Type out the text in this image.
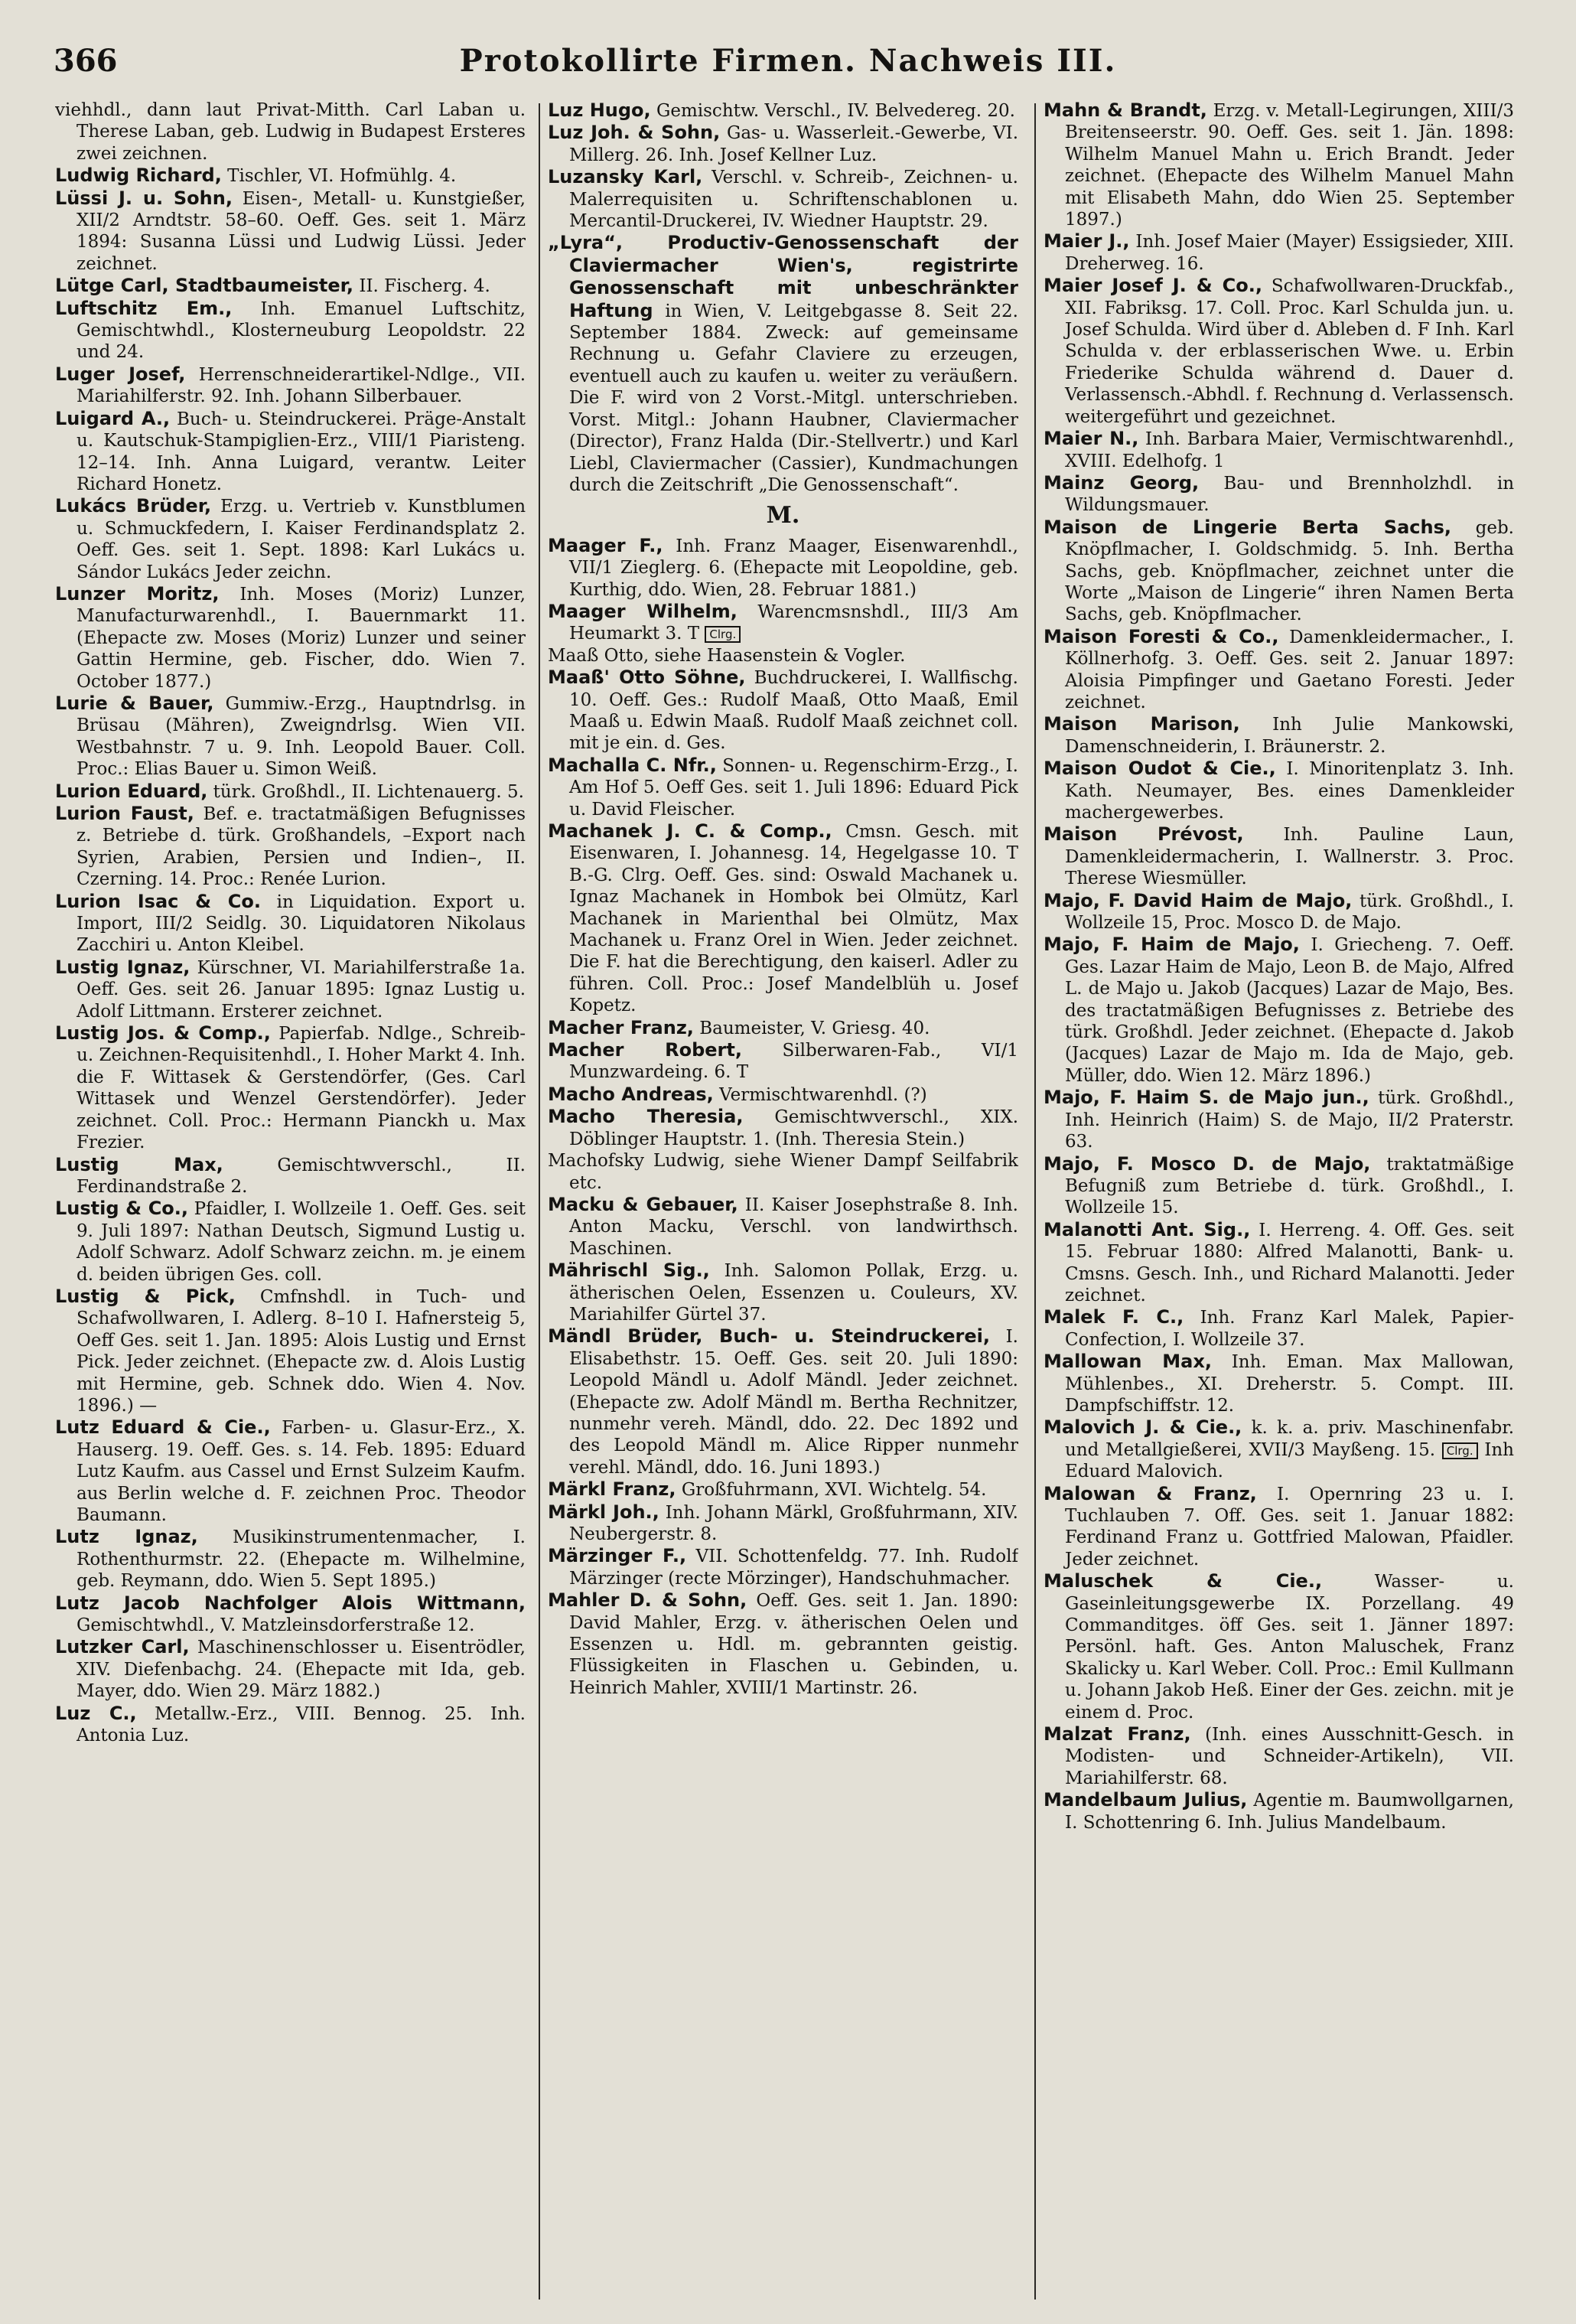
366	Protokollirte Firmen. Nachweis III.

viehhdl., dann laut Privat-Mitth. Carl Laban u. Therese Laban, geb. Ludwig in Budapest Ersteres zwei zeichnen.

Ludwig Richard, Tischler, VI. Hofmühlg. 4.

Lüssi J. u. Sohn, Eisen-, Metall- u. Kunstgießer, XII/2 Arndtstr. 58–60. Oeff. Ges. seit 1. März 1894: Susanna Lüssi und Ludwig Lüssi. Jeder zeichnet.

Lütge Carl, Stadtbaumeister, II. Fischerg. 4.

Luftschitz Em., Inh. Emanuel Luftschitz, Gemischtwhdl., Klosterneuburg Leopoldstr. 22 und 24.

Luger Josef, Herrenschneiderartikel-Ndlge., VII. Mariahilferstr. 92. Inh. Johann Silberbauer.

Luigard A., Buch- u. Steindruckerei. Präge-Anstalt u. Kautschuk-Stampiglien-Erz., VIII/1 Piaristeng. 12–14. Inh. Anna Luigard, verantw. Leiter Richard Honetz.

Lukács Brüder, Erzg. u. Vertrieb v. Kunstblumen u. Schmuckfedern, I. Kaiser Ferdinandsplatz 2. Oeff. Ges. seit 1. Sept. 1898: Karl Lukács u. Sándor Lukács Jeder zeichn.

Lunzer Moritz, Inh. Moses (Moriz) Lunzer, Manufacturwarenhdl., I. Bauernmarkt 11. (Ehepacte zw. Moses (Moriz) Lunzer und seiner Gattin Hermine, geb. Fischer, ddo. Wien 7. October 1877.)

Lurie & Bauer, Gummiw.-Erzg., Hauptndrlsg. in Brüsau (Mähren), Zweigndrlsg. Wien VII. Westbahnstr. 7 u. 9. Inh. Leopold Bauer. Coll. Proc.: Elias Bauer u. Simon Weiß.

Lurion Eduard, türk. Großhdl., II. Lichtenauerg. 5.

Lurion Faust, Bef. e. tractatmäßigen Befugnisses z. Betriebe d. türk. Großhandels, –Export nach Syrien, Arabien, Persien und Indien–, II. Czerning. 14. Proc.: Renée Lurion.

Lurion Isac & Co. in Liquidation. Export u. Import, III/2 Seidlg. 30. Liquidatoren Nikolaus Zacchiri u. Anton Kleibel.

Lustig Ignaz, Kürschner, VI. Mariahilferstraße 1a. Oeff. Ges. seit 26. Januar 1895: Ignaz Lustig u. Adolf Littmann. Ersterer zeichnet.

Lustig Jos. & Comp., Papierfab. Ndlge., Schreib- u. Zeichnen-Requisitenhdl., I. Hoher Markt 4. Inh. die F. Wittasek & Gerstendörfer, (Ges. Carl Wittasek und Wenzel Gerstendörfer). Jeder zeichnet. Coll. Proc.: Hermann Pianckh u. Max Frezier.

Lustig Max, Gemischtwverschl., II. Ferdinandstraße 2.

Lustig & Co., Pfaidler, I. Wollzeile 1. Oeff. Ges. seit 9. Juli 1897: Nathan Deutsch, Sigmund Lustig u. Adolf Schwarz. Adolf Schwarz zeichn. m. je einem d. beiden übrigen Ges. coll.

Lustig & Pick, Cmfnshdl. in Tuch- und Schafwollwaren, I. Adlerg. 8–10 I. Hafnersteig 5, Oeff Ges. seit 1. Jan. 1895: Alois Lustig und Ernst Pick. Jeder zeichnet. (Ehepacte zw. d. Alois Lustig mit Hermine, geb. Schnek ddo. Wien 4. Nov. 1896.) —

Lutz Eduard & Cie., Farben- u. Glasur-Erz., X. Hauserg. 19. Oeff. Ges. s. 14. Feb. 1895: Eduard Lutz Kaufm. aus Cassel und Ernst Sulzeim Kaufm. aus Berlin welche d. F. zeichnen Proc. Theodor Baumann.

Lutz Ignaz, Musikinstrumentenmacher, I. Rothenthurmstr. 22. (Ehepacte m. Wilhelmine, geb. Reymann, ddo. Wien 5. Sept 1895.)

Lutz Jacob Nachfolger Alois Wittmann, Gemischtwhdl., V. Matzleinsdorferstraße 12.

Lutzker Carl, Maschinenschlosser u. Eisentrödler, XIV. Diefenbachg. 24. (Ehepacte mit Ida, geb. Mayer, ddo. Wien 29. März 1882.)

Luz C., Metallw.-Erz., VIII. Bennog. 25. Inh. Antonia Luz.

Luz Hugo, Gemischtw. Verschl., IV. Belvedereg. 20.

Luz Joh. & Sohn, Gas- u. Wasserleit.-Gewerbe, VI. Millerg. 26. Inh. Josef Kellner Luz.

Luzansky Karl, Verschl. v. Schreib-, Zeichnen- u. Malerrequisiten u. Schriftenschablonen u. Mercantil-Druckerei, IV. Wiedner Hauptstr. 29.

„Lyra“, Productiv-Genossenschaft der Claviermacher Wien's, registrirte Genossenschaft mit unbeschränkter Haftung in Wien, V. Leitgebgasse 8. Seit 22. September 1884. Zweck: auf gemeinsame Rechnung u. Gefahr Claviere zu erzeugen, eventuell auch zu kaufen u. weiter zu veräußern. Die F. wird von 2 Vorst.-Mitgl. unterschrieben. Vorst. Mitgl.: Johann Haubner, Claviermacher (Director), Franz Halda (Dir.-Stellvertr.) und Karl Liebl, Claviermacher (Cassier), Kundmachungen durch die Zeitschrift „Die Genossenschaft“.

M.

Maager F., Inh. Franz Maager, Eisenwarenhdl., VII/1 Zieglerg. 6. (Ehepacte mit Leopoldine, geb. Kurthig, ddo. Wien, 28. Februar 1881.)

Maager Wilhelm, Warencmsnshdl., III/3 Am Heumarkt 3. T Clrg.

Maaß Otto, siehe Haasenstein & Vogler.

Maaß' Otto Söhne, Buchdruckerei, I. Wallfischg. 10. Oeff. Ges.: Rudolf Maaß, Otto Maaß, Emil Maaß u. Edwin Maaß. Rudolf Maaß zeichnet coll. mit je ein. d. Ges.

Machalla C. Nfr., Sonnen- u. Regenschirm-Erzg., I. Am Hof 5. Oeff Ges. seit 1. Juli 1896: Eduard Pick u. David Fleischer.

Machanek J. C. & Comp., Cmsn. Gesch. mit Eisenwaren, I. Johannesg. 14, Hegelgasse 10. T B.-G. Clrg. Oeff. Ges. sind: Oswald Machanek u. Ignaz Machanek in Hombok bei Olmütz, Karl Machanek in Marienthal bei Olmütz, Max Machanek u. Franz Orel in Wien. Jeder zeichnet. Die F. hat die Berechtigung, den kaiserl. Adler zu führen. Coll. Proc.: Josef Mandelblüh u. Josef Kopetz.

Macher Franz, Baumeister, V. Griesg. 40.

Macher Robert, Silberwaren-Fab., VI/1 Munzwardeing. 6. T

Macho Andreas, Vermischtwarenhdl. (?)

Macho Theresia, Gemischtwverschl., XIX. Döblinger Hauptstr. 1. (Inh. Theresia Stein.)

Machofsky Ludwig, siehe Wiener Dampf Seilfabrik etc.

Macku & Gebauer, II. Kaiser Josephstraße 8. Inh. Anton Macku, Verschl. von landwirthsch. Maschinen.

Mährischl Sig., Inh. Salomon Pollak, Erzg. u. ätherischen Oelen, Essenzen u. Couleurs, XV. Mariahilfer Gürtel 37.

Mändl Brüder, Buch- u. Steindruckerei, I. Elisabethstr. 15. Oeff. Ges. seit 20. Juli 1890: Leopold Mändl u. Adolf Mändl. Jeder zeichnet. (Ehepacte zw. Adolf Mändl m. Bertha Rechnitzer, nunmehr vereh. Mändl, ddo. 22. Dec 1892 und des Leopold Mändl m. Alice Ripper nunmehr verehl. Mändl, ddo. 16. Juni 1893.)

Märkl Franz, Großfuhrmann, XVI. Wichtelg. 54.

Märkl Joh., Inh. Johann Märkl, Großfuhrmann, XIV. Neubergerstr. 8.

Märzinger F., VII. Schottenfeldg. 77. Inh. Rudolf Märzinger (recte Mörzinger), Handschuhmacher.

Mahler D. & Sohn, Oeff. Ges. seit 1. Jan. 1890: David Mahler, Erzg. v. ätherischen Oelen und Essenzen u. Hdl. m. gebrannten geistig. Flüssigkeiten in Flaschen u. Gebinden, u. Heinrich Mahler, XVIII/1 Martinstr. 26.

Mahn & Brandt, Erzg. v. Metall-Legirungen, XIII/3 Breitenseerstr. 90. Oeff. Ges. seit 1. Jän. 1898: Wilhelm Manuel Mahn u. Erich Brandt. Jeder zeichnet. (Ehepacte des Wilhelm Manuel Mahn mit Elisabeth Mahn, ddo Wien 25. September 1897.)

Maier J., Inh. Josef Maier (Mayer) Essigsieder, XIII. Dreherweg. 16.

Maier Josef J. & Co., Schafwollwaren-Druckfab., XII. Fabriksg. 17. Coll. Proc. Karl Schulda jun. u. Josef Schulda. Wird über d. Ableben d. F Inh. Karl Schulda v. der erblasserischen Wwe. u. Erbin Friederike Schulda während d. Dauer d. Verlassensch.-Abhdl. f. Rechnung d. Verlassensch. weitergeführt und gezeichnet.

Maier N., Inh. Barbara Maier, Vermischtwarenhdl., XVIII. Edelhofg. 1

Mainz Georg, Bau- und Brennholzhdl. in Wildungsmauer.

Maison de Lingerie Berta Sachs, geb. Knöpflmacher, I. Goldschmidg. 5. Inh. Bertha Sachs, geb. Knöpflmacher, zeichnet unter die Worte „Maison de Lingerie“ ihren Namen Berta Sachs, geb. Knöpflmacher.

Maison Foresti & Co., Damenkleidermacher., I. Köllnerhofg. 3. Oeff. Ges. seit 2. Januar 1897: Aloisia Pimpfinger und Gaetano Foresti. Jeder zeichnet.

Maison Marison, Inh Julie Mankowski, Damenschneiderin, I. Bräunerstr. 2.

Maison Oudot & Cie., I. Minoritenplatz 3. Inh. Kath. Neumayer, Bes. eines Damenkleider machergewerbes.

Maison Prévost, Inh. Pauline Laun, Damenkleidermacherin, I. Wallnerstr. 3. Proc. Therese Wiesmüller.

Majo, F. David Haim de Majo, türk. Großhdl., I. Wollzeile 15, Proc. Mosco D. de Majo.

Majo, F. Haim de Majo, I. Griecheng. 7. Oeff. Ges. Lazar Haim de Majo, Leon B. de Majo, Alfred L. de Majo u. Jakob (Jacques) Lazar de Majo, Bes. des tractatmäßigen Befugnisses z. Betriebe des türk. Großhdl. Jeder zeichnet. (Ehepacte d. Jakob (Jacques) Lazar de Majo m. Ida de Majo, geb. Müller, ddo. Wien 12. März 1896.)

Majo, F. Haim S. de Majo jun., türk. Großhdl., Inh. Heinrich (Haim) S. de Majo, II/2 Praterstr. 63.

Majo, F. Mosco D. de Majo, traktatmäßige Befugniß zum Betriebe d. türk. Großhdl., I. Wollzeile 15.

Malanotti Ant. Sig., I. Herreng. 4. Off. Ges. seit 15. Februar 1880: Alfred Malanotti, Bank- u. Cmsns. Gesch. Inh., und Richard Malanotti. Jeder zeichnet.

Malek F. C., Inh. Franz Karl Malek, Papier-Confection, I. Wollzeile 37.

Mallowan Max, Inh. Eman. Max Mallowan, Mühlenbes., XI. Dreherstr. 5. Compt. III. Dampfschiffstr. 12.

Malovich J. & Cie., k. k. a. priv. Maschinenfabr. und Metallgießerei, XVII/3 Mayßeng. 15. Clrg. Inh Eduard Malovich.

Malowan & Franz, I. Opernring 23 u. I. Tuchlauben 7. Off. Ges. seit 1. Januar 1882: Ferdinand Franz u. Gottfried Malowan, Pfaidler. Jeder zeichnet.

Maluschek & Cie., Wasser- u. Gaseinleitungsgewerbe IX. Porzellang. 49 Commanditges. öff Ges. seit 1. Jänner 1897: Persönl. haft. Ges. Anton Maluschek, Franz Skalicky u. Karl Weber. Coll. Proc.: Emil Kullmann u. Johann Jakob Heß. Einer der Ges. zeichn. mit je einem d. Proc.

Malzat Franz, (Inh. eines Ausschnitt-Gesch. in Modisten- und Schneider-Artikeln), VII. Mariahilferstr. 68.

Mandelbaum Julius, Agentie m. Baumwollgarnen, I. Schottenring 6. Inh. Julius Mandelbaum.
